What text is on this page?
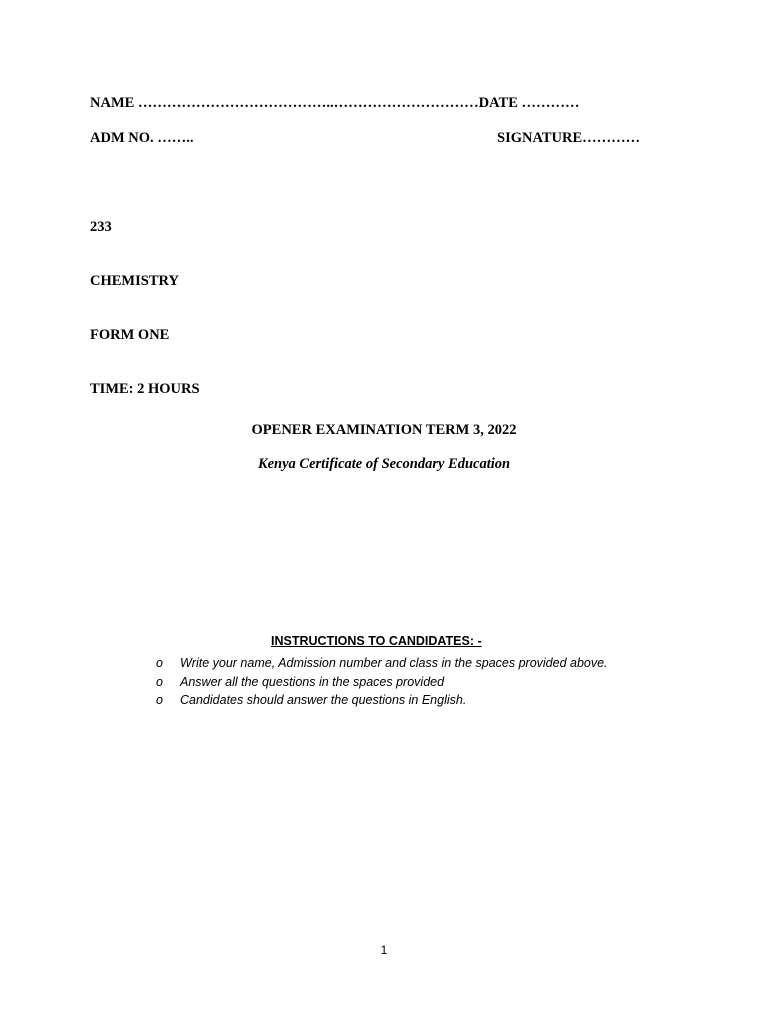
NAME …………………………………..…………………………DATE …………
ADM NO. ……..	SIGNATURE…………

233

CHEMISTRY

FORM ONE

TIME: 2 HOURS

OPENER EXAMINATION TERM 3, 2022
Kenya Certificate of Secondary Education
INSTRUCTIONS TO CANDIDATES: -
o Write your name, Admission number and class in the spaces provided above.
o Answer all the questions in the spaces provided
o Candidates should answer the questions in English.
1
